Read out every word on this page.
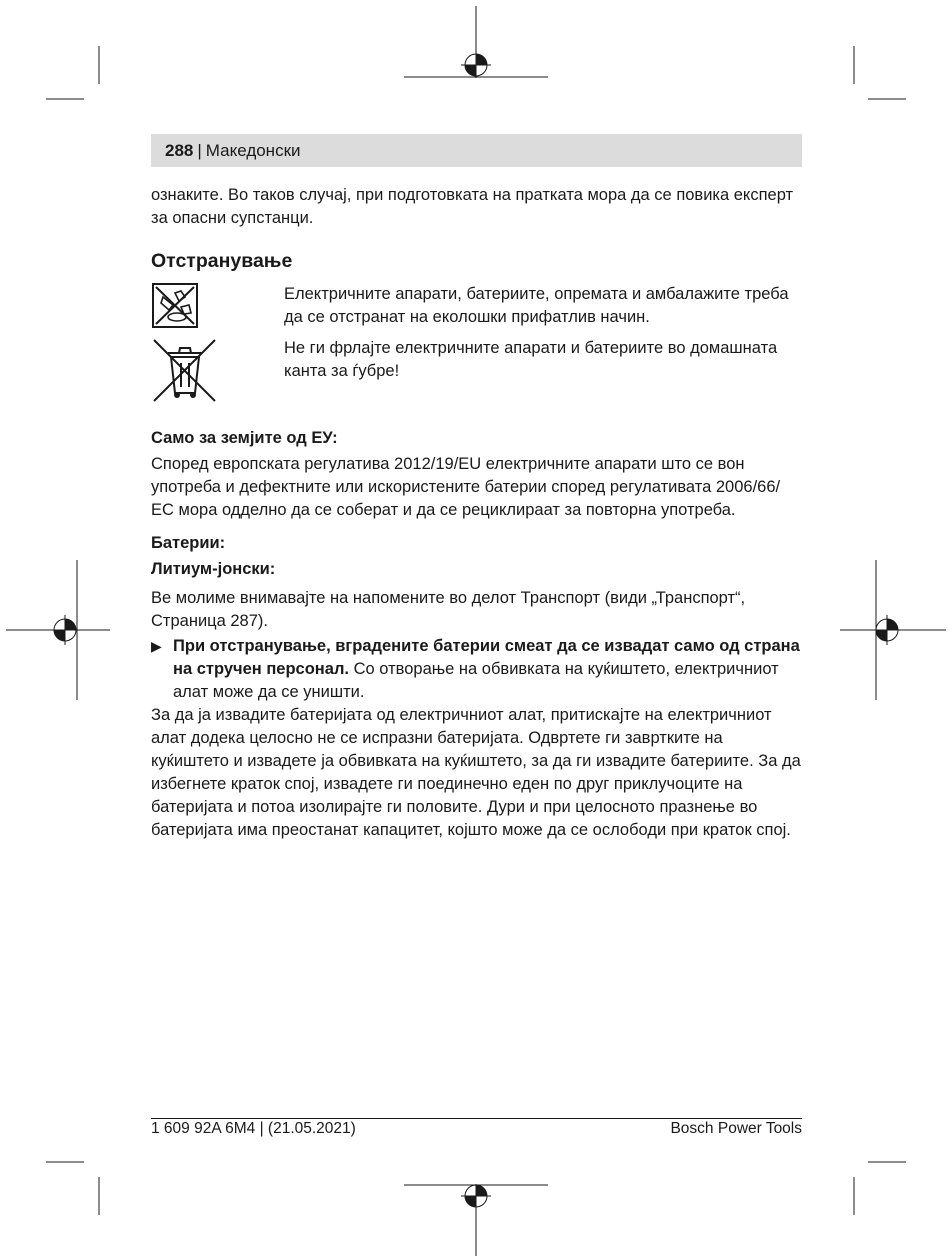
288 | Македонски

ознаките. Во таков случај, при подготовката на пратката мора да се повика експерт за опасни супстанци.

Отстранување

Електричните апарати, батериите, опремата и амбалажите треба да се отстранат на еколошки прифатлив начин.

Не ги фрлајте електричните апарати и батериите во домашната канта за ѓубре!

Само за земјите од ЕУ:

Според европската регулатива 2012/19/EU електричните апарати што се вон употреба и дефектните или искористените батерии според регулативата 2006/66/ EC мора одделно да се соберат и да се рециклираат за повторна употреба.

Батерии:
Литиум-јонски:

Ве молиме внимавајте на напомените во делот Транспорт (види „Транспорт“, Страница 287).

▶ При отстранување, вградените батерии смеат да се извадат само од страна на стручен персонал. Со отворање на обвивката на куќиштето, електричниот алат може да се уништи.

За да ја извадите батеријата од електричниот алат, притискајте на електричниот алат додека целосно не се испразни батеријата. Одвртете ги завртките на куќиштето и извадете ја обвивката на куќиштето, за да ги извадите батериите. За да избегнете краток спој, извадете ги поединечно еден по друг приклучоците на батеријата и потоа изолирајте ги половите. Дури и при целосното празнење во батеријата има преостанат капацитет, којшто може да се ослободи при краток спој.

1 609 92A 6M4 | (21.05.2021)	Bosch Power Tools
